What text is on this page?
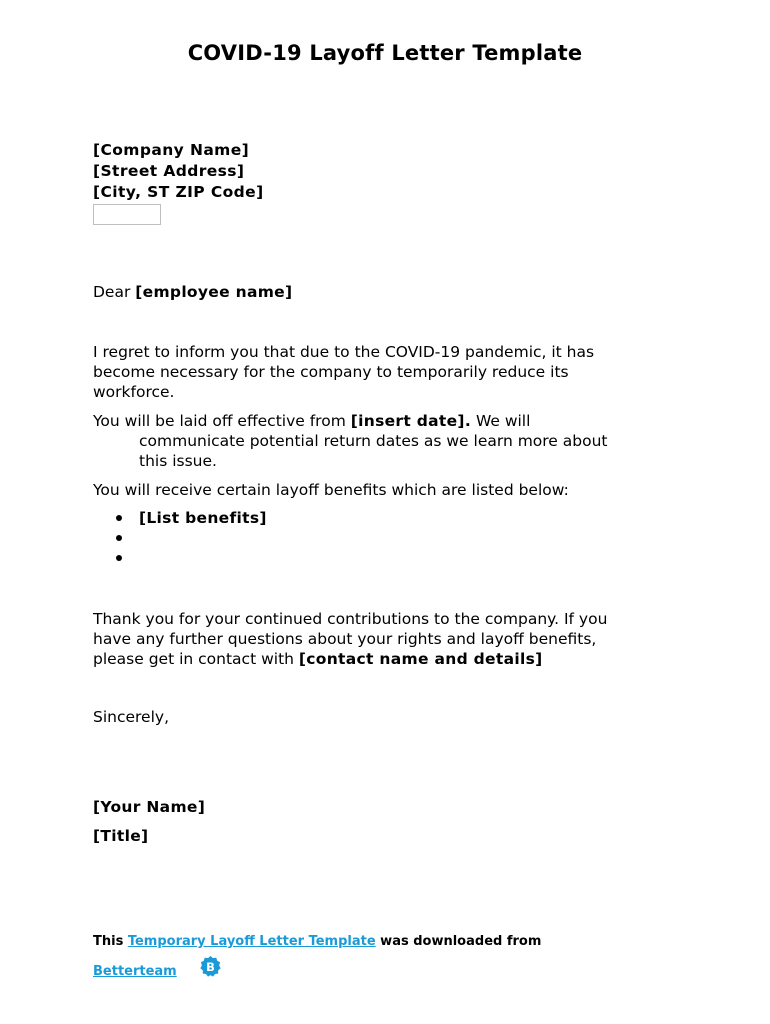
COVID-19 Layoff Letter Template
[Company Name]
[Street Address]
[City, ST ZIP Code]

Dear [employee name]

I regret to inform you that due to the COVID-19 pandemic, it has
become necessary for the company to temporarily reduce its
workforce.
You will be laid off effective from [insert date]. We will
communicate potential return dates as we learn more about
this issue.

You will receive certain layoff benefits which are listed below:

[List benefits]
Thank you for your continued contributions to the company. If you
have any further questions about your rights and layoff benefits,
please get in contact with [contact name and details]

Sincerely,

[Your Name]

[Title]

This Temporary Layoff Letter Template was downloaded from
Betterteam B
